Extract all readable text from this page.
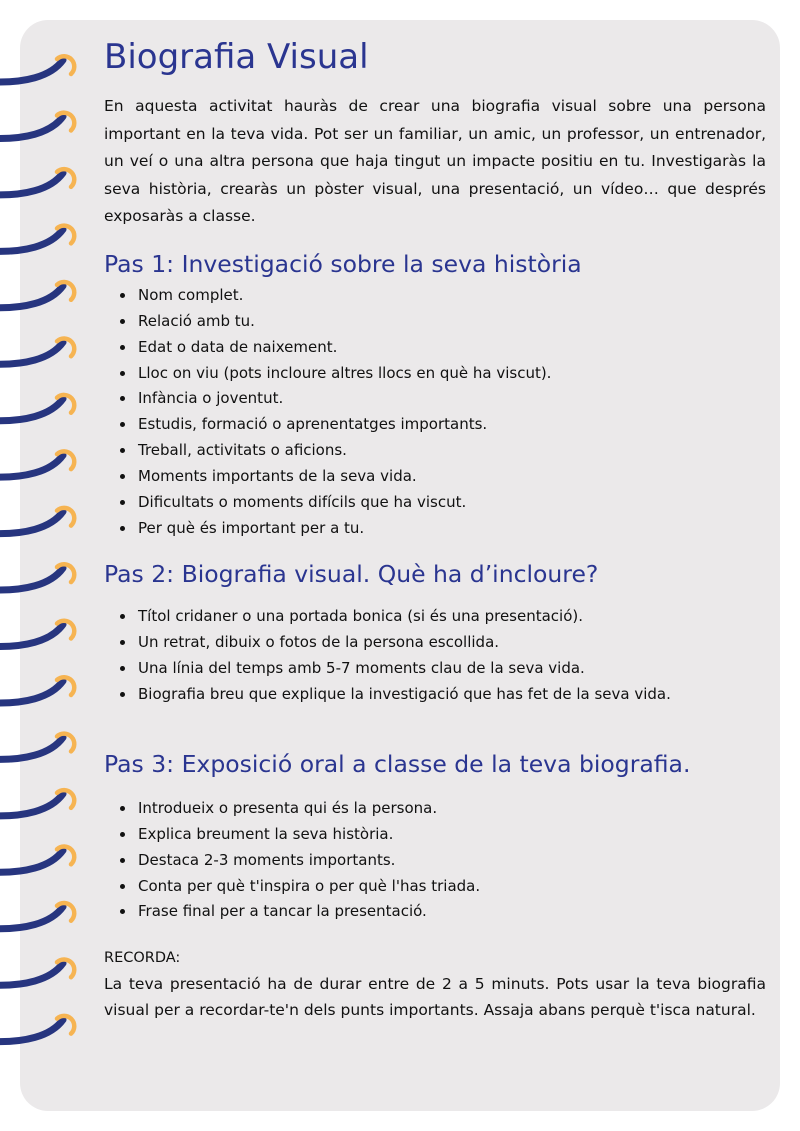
Biografia Visual

En aquesta activitat hauràs de crear una biografia visual sobre una persona important en la teva vida. Pot ser un familiar, un amic, un professor, un entrenador, un veí o una altra persona que haja tingut un impacte positiu en tu. Investigaràs la seva història, crearàs un pòster visual, una presentació, un vídeo… que després exposaràs a classe.

Pas 1: Investigació sobre la seva història
• Nom complet.
• Relació amb tu.
• Edat o data de naixement.
• Lloc on viu (pots incloure altres llocs en què ha viscut).
• Infància o joventut.
• Estudis, formació o aprenentatges importants.
• Treball, activitats o aficions.
• Moments importants de la seva vida.
• Dificultats o moments difícils que ha viscut.
• Per què és important per a tu.
Pas 2: Biografia visual. Què ha d’incloure?
• Títol cridaner o una portada bonica (si és una presentació).
• Un retrat, dibuix o fotos de la persona escollida.
• Una línia del temps amb 5-7 moments clau de la seva vida.
• Biografia breu que explique la investigació que has fet de la seva vida.
Pas 3: Exposició oral a classe de la teva biografia.
• Introdueix o presenta qui és la persona.
• Explica breument la seva història.
• Destaca 2-3 moments importants.
• Conta per què t'inspira o per què l'has triada.
• Frase final per a tancar la presentació.

RECORDA:

La teva presentació ha de durar entre de 2 a 5 minuts. Pots usar la teva biografia visual per a recordar-te'n dels punts importants. Assaja abans perquè t'isca natural.
